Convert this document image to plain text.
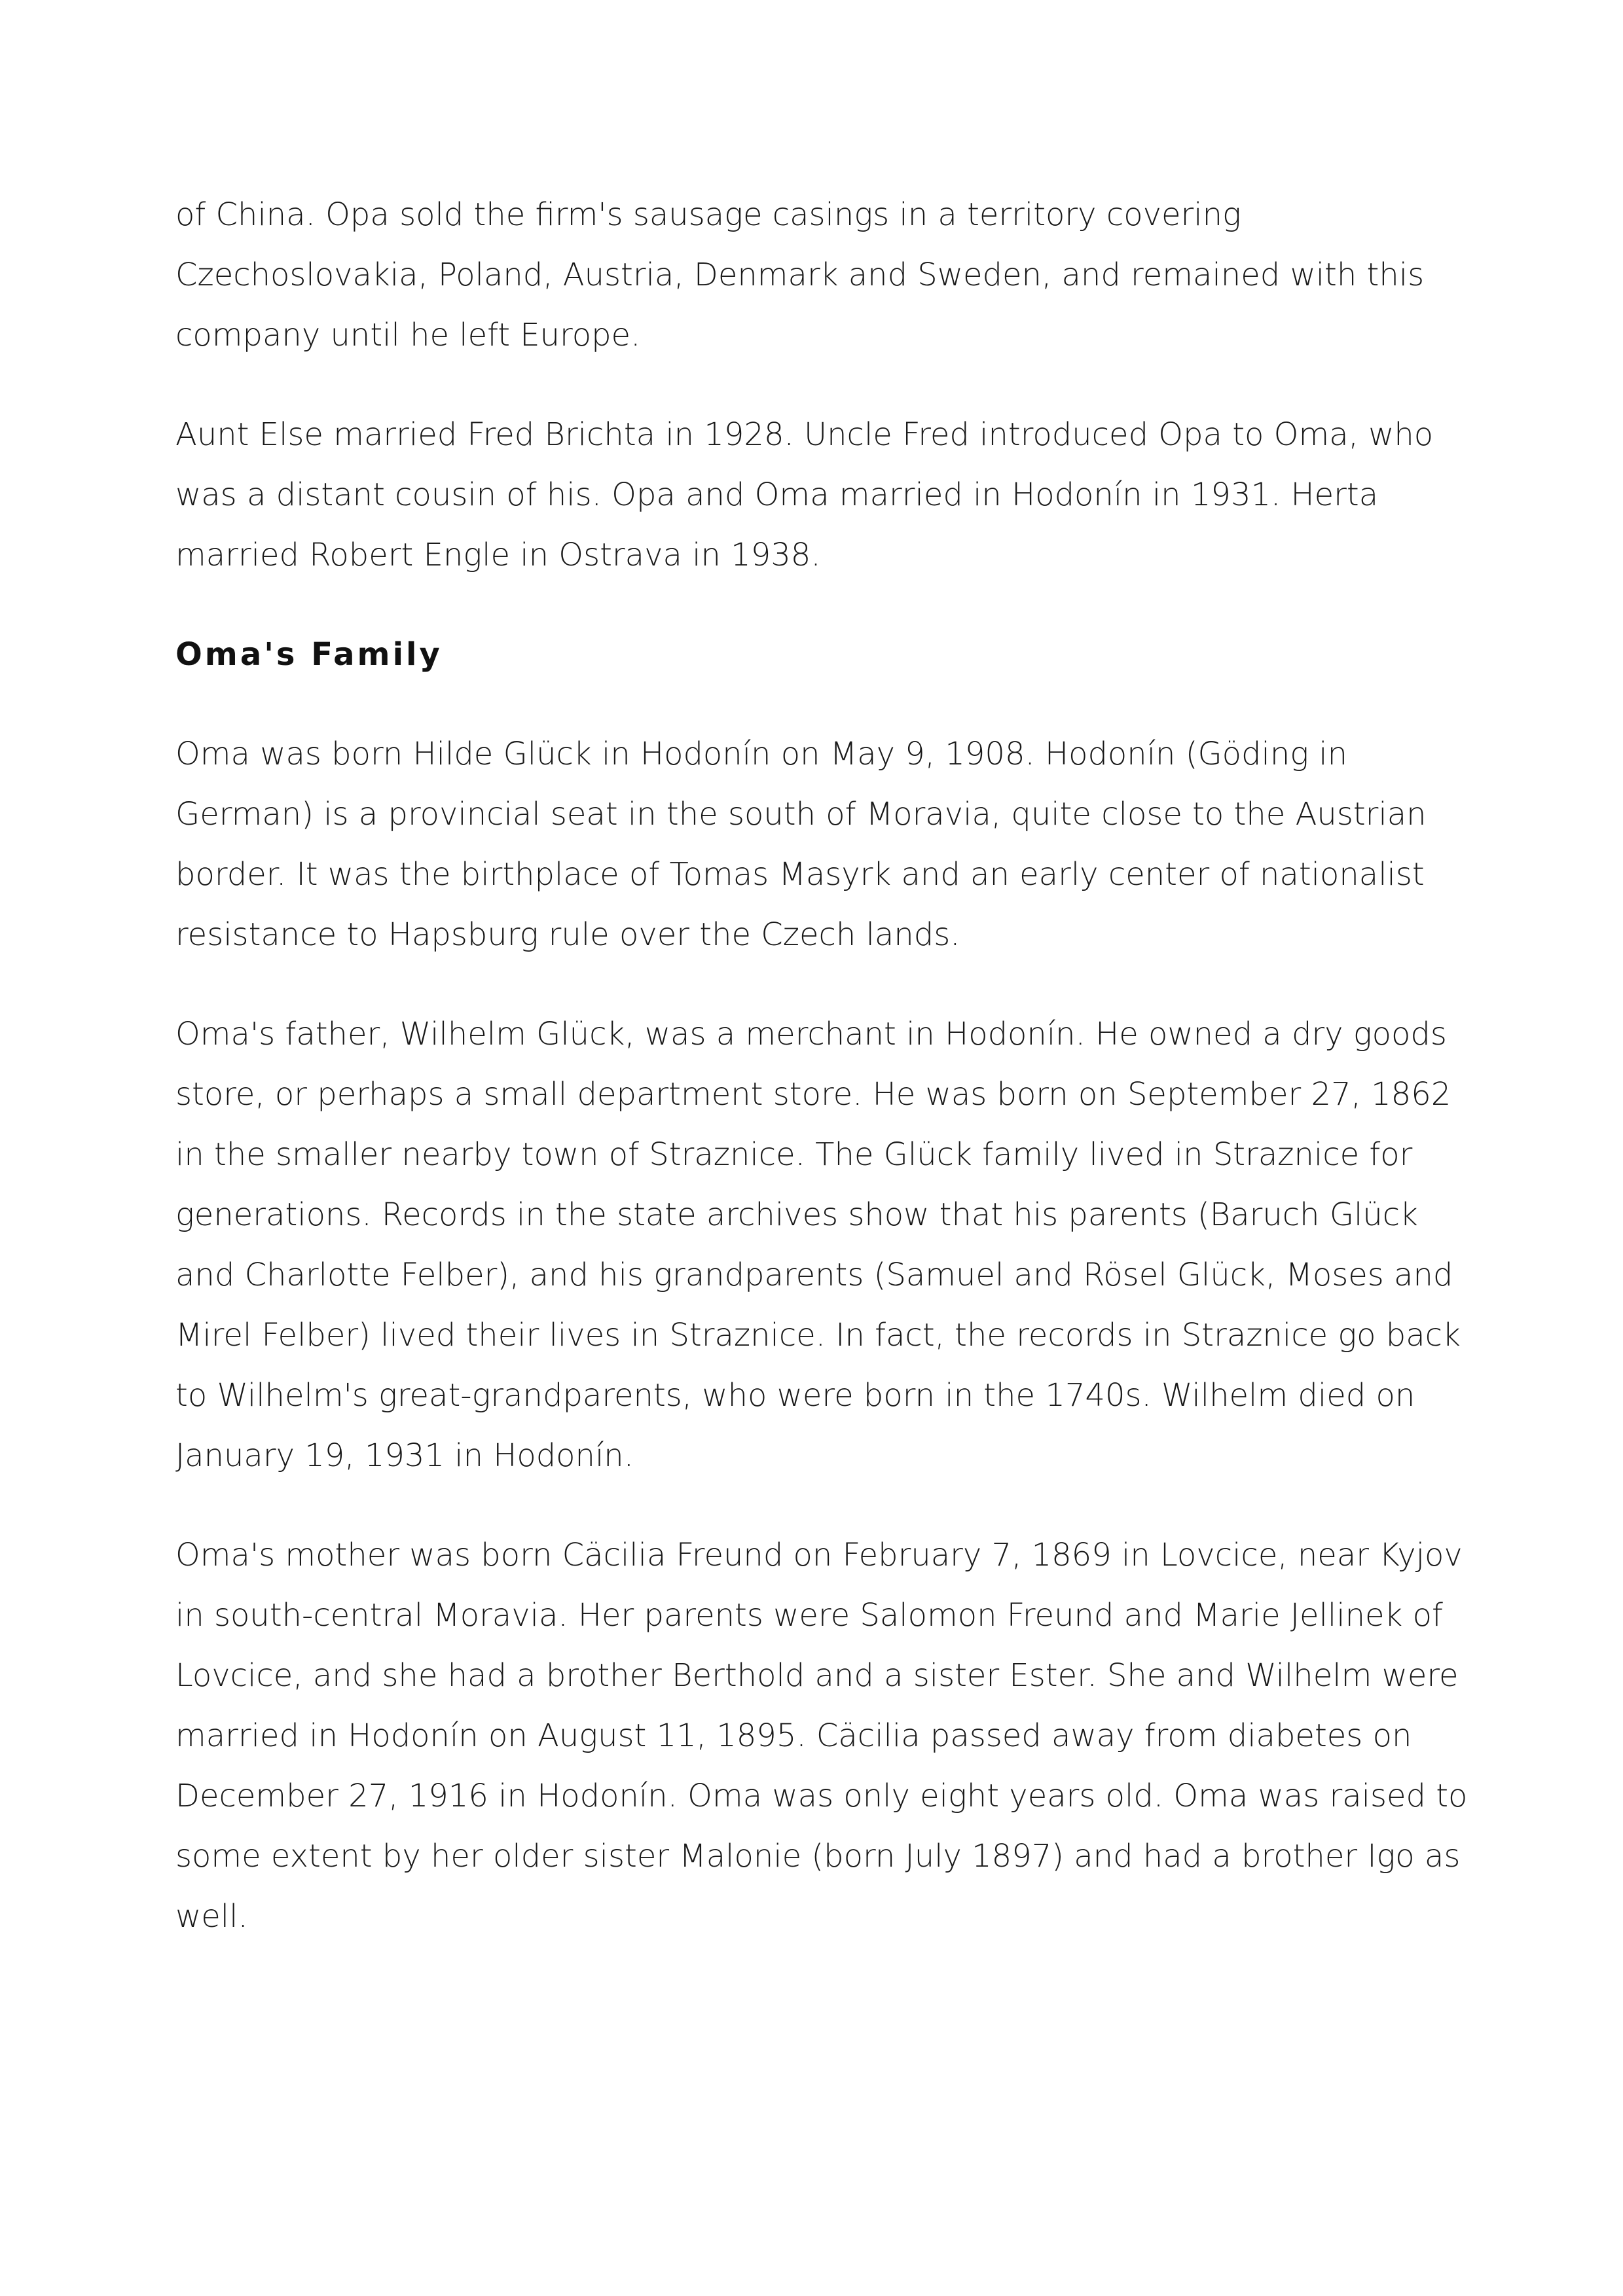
of China. Opa sold the firm's sausage casings in a territory covering Czechoslovakia, Poland, Austria, Denmark and Sweden, and remained with this company until he left Europe.

Aunt Else married Fred Brichta in 1928. Uncle Fred introduced Opa to Oma, who was a distant cousin of his. Opa and Oma married in Hodonín in 1931. Herta married Robert Engle in Ostrava in 1938.

Oma's Family

Oma was born Hilde Glück in Hodonín on May 9, 1908. Hodonín (Göding in German) is a provincial seat in the south of Moravia, quite close to the Austrian border. It was the birthplace of Tomas Masyrk and an early center of nationalist resistance to Hapsburg rule over the Czech lands.

Oma's father, Wilhelm Glück, was a merchant in Hodonín. He owned a dry goods store, or perhaps a small department store. He was born on September 27, 1862 in the smaller nearby town of Straznice. The Glück family lived in Straznice for generations. Records in the state archives show that his parents (Baruch Glück and Charlotte Felber), and his grandparents (Samuel and Rösel Glück, Moses and Mirel Felber) lived their lives in Straznice. In fact, the records in Straznice go back to Wilhelm's great-grandparents, who were born in the 1740s. Wilhelm died on January 19, 1931 in Hodonín.

Oma's mother was born Cäcilia Freund on February 7, 1869 in Lovcice, near Kyjov in south-central Moravia. Her parents were Salomon Freund and Marie Jellinek of Lovcice, and she had a brother Berthold and a sister Ester. She and Wilhelm were married in Hodonín on August 11, 1895. Cäcilia passed away from diabetes on December 27, 1916 in Hodonín. Oma was only eight years old. Oma was raised to some extent by her older sister Malonie (born July 1897) and had a brother Igo as well.
